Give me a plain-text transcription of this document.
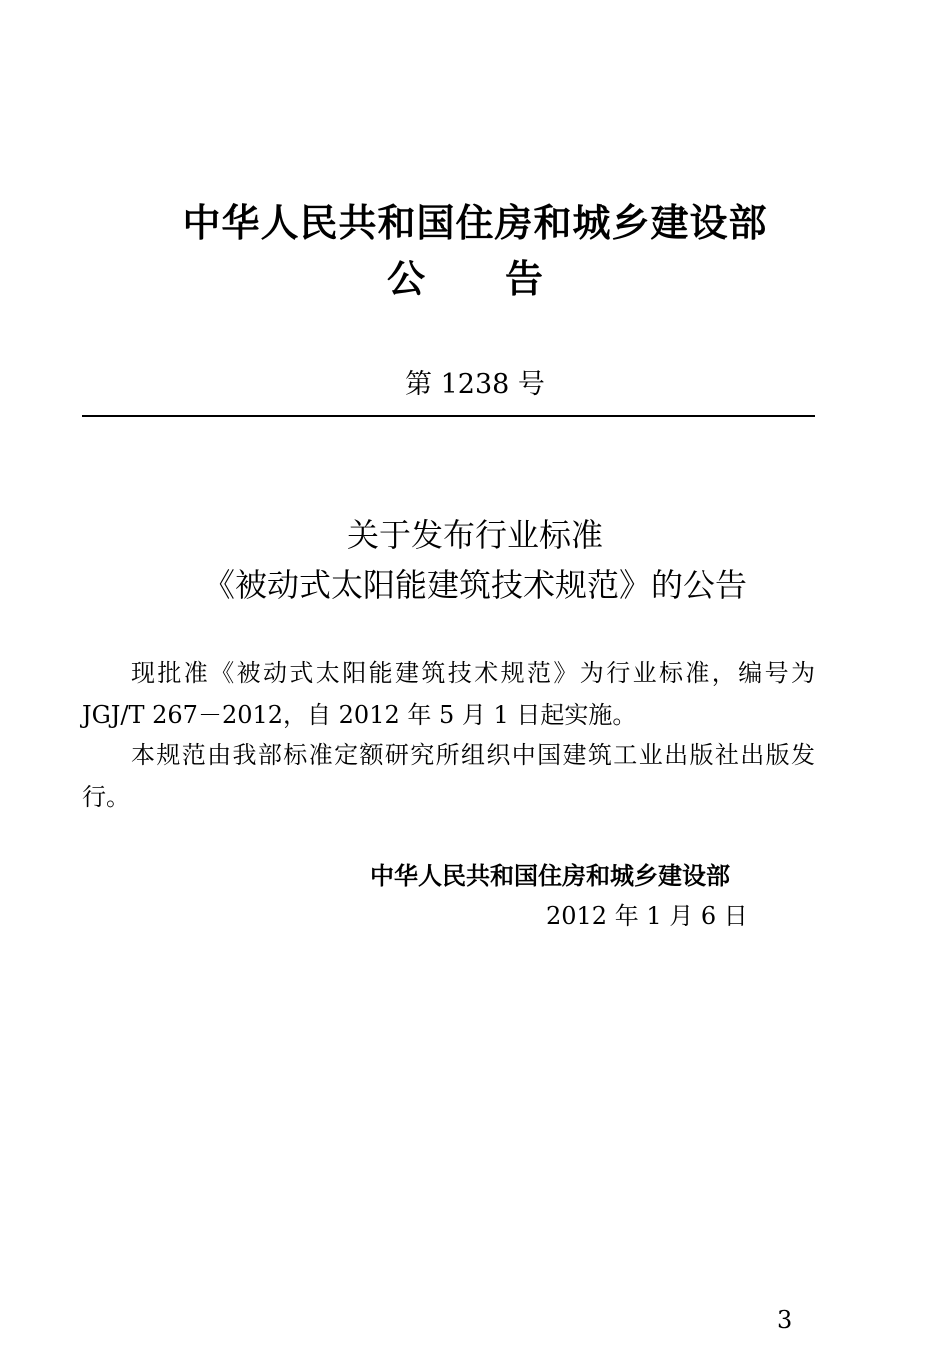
中华人民共和国住房和城乡建设部
公告
第 1238 号
关于发布行业标准
《被动式太阳能建筑技术规范》的公告
现批准《被动式太阳能建筑技术规范》为行业标准，编号为JGJ/T 267－2012，自 2012 年 5 月 1 日起实施。
本规范由我部标准定额研究所组织中国建筑工业出版社出版发行。
中华人民共和国住房和城乡建设部
2012 年 1 月 6 日
3
